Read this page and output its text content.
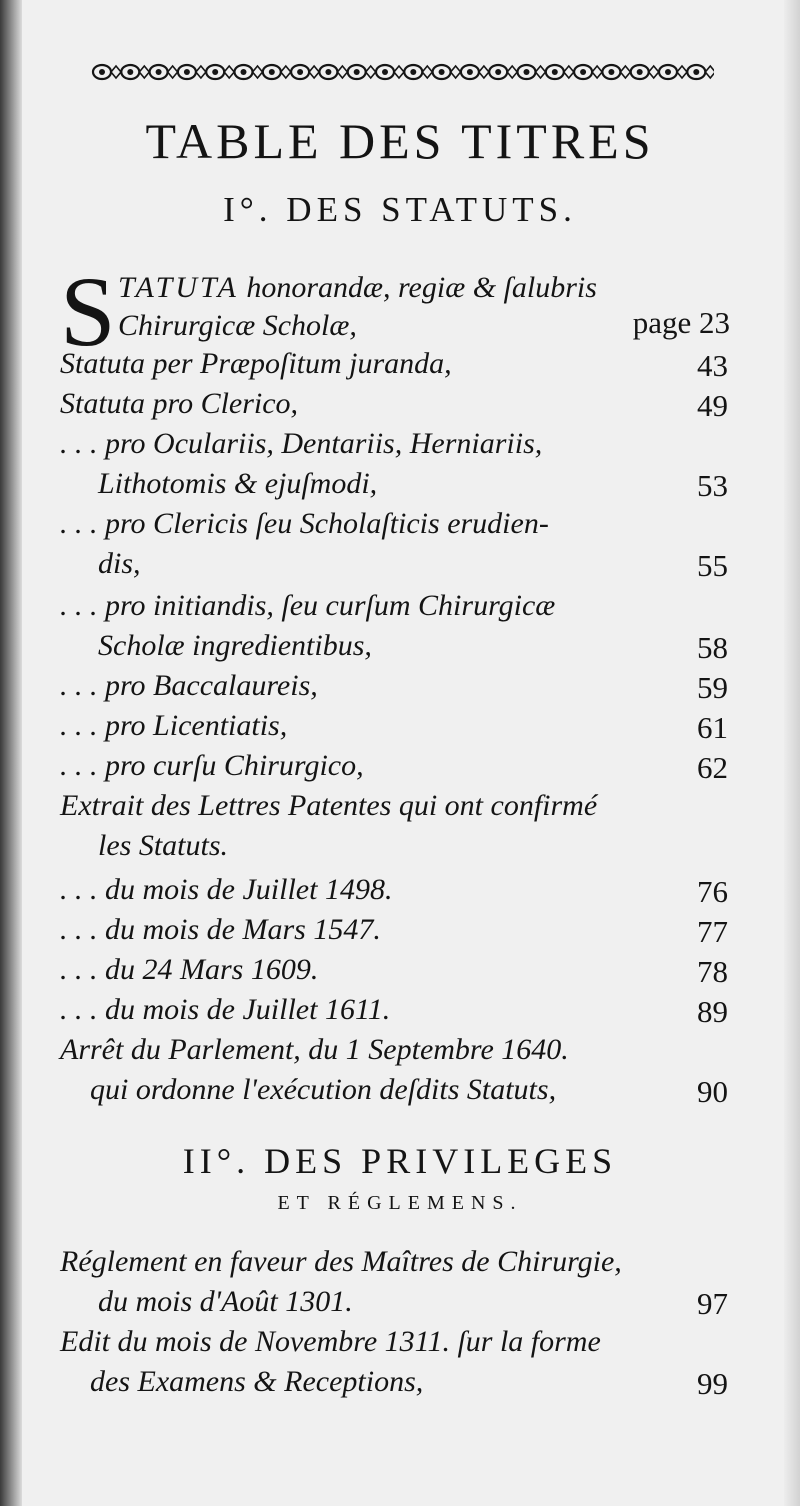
TABLE DES TITRES
I°. DES STATUTS.
S TATUTA honorandæ, regiæ & ſalubris
Chirurgicæ Scholæ,	page 23
Statuta per Præpoſitum juranda,	43
Statuta pro Clerico,	49
. . . pro Oculariis, Dentariis, Herniariis,
Lithotomis & ejuſmodi,	53
. . . pro Clericis ſeu Scholaſticis erudien-
dis,	55
. . . pro initiandis, ſeu curſum Chirurgicæ
Scholæ ingredientibus,	58
. . . pro Baccalaureis,	59
. . . pro Licentiatis,	61
. . . pro curſu Chirurgico,	62
Extrait des Lettres Patentes qui ont confirmé
les Statuts.
. . . du mois de Juillet 1498.	76
. . . du mois de Mars 1547.	77
. . . du 24 Mars 1609.	78
. . . du mois de Juillet 1611.	89
Arrêt du Parlement, du 1 Septembre 1640.
qui ordonne l'exécution deſdits Statuts,	90
Réglement en faveur des Maîtres de Chirurgie,
du mois d'Août 1301.	97
Edit du mois de Novembre 1311. ſur la forme
des Examens & Receptions,	99
II°. DES PRIVILEGES
ET RÉGLEMENS.
